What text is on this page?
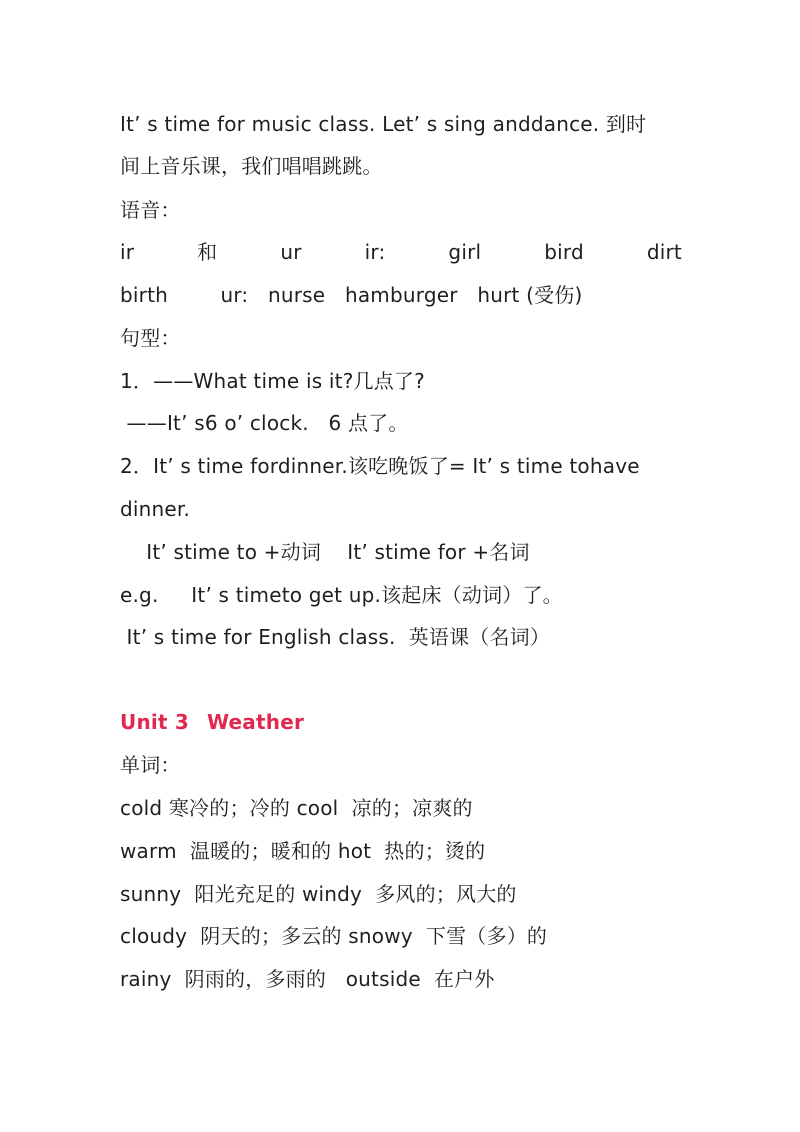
It’ s time for music class. Let’ s sing anddance. 到时
间上音乐课，我们唱唱跳跳。
语音：
ir	和	ur	ir:	girl	bird	dirt
birth        ur:   nurse   hamburger   hurt (受伤)
句型：
1．——What time is it?几点了?
——It’ s6 o’ clock.   6 点了。
2．It’ s time fordinner.该吃晚饭了= It’ s time tohave
dinner.
It’ stime to +动词    It’ stime for +名词
e.g.     It’ s timeto get up.该起床（动词）了。
It’ s time for English class.  英语课（名词）
Unit 3 Weather
单词：
cold 寒冷的；冷的 cool  凉的；凉爽的
warm  温暖的；暖和的 hot  热的；烫的
sunny  阳光充足的 windy  多风的；风大的
cloudy  阴天的；多云的 snowy  下雪（多）的
rainy  阴雨的，多雨的   outside  在户外
